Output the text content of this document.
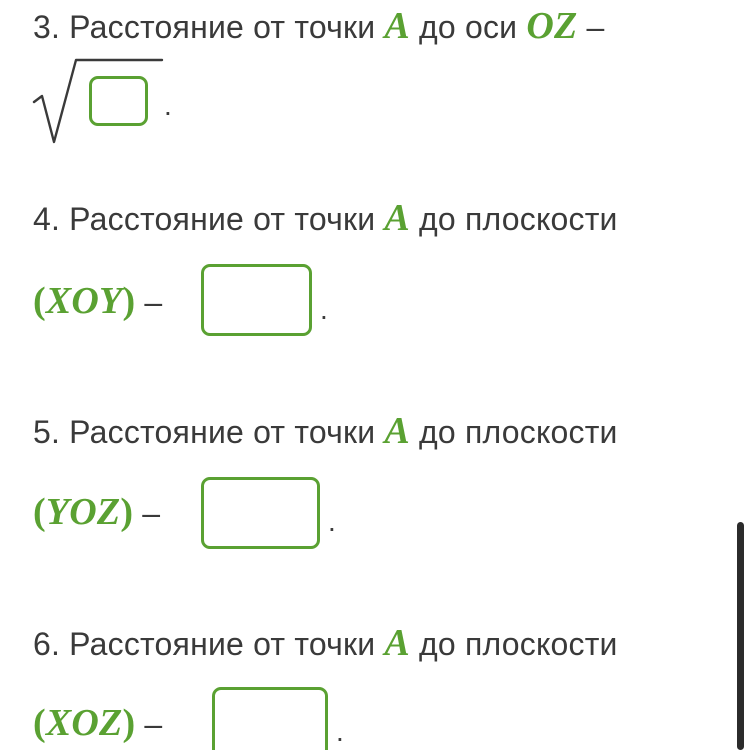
3. Расстояние от точки A до оси OZ –
.
4. Расстояние от точки A до плоскости
(XOY) –	.
5. Расстояние от точки A до плоскости
(YOZ) –	.
6. Расстояние от точки A до плоскости
(XOZ) –	.
